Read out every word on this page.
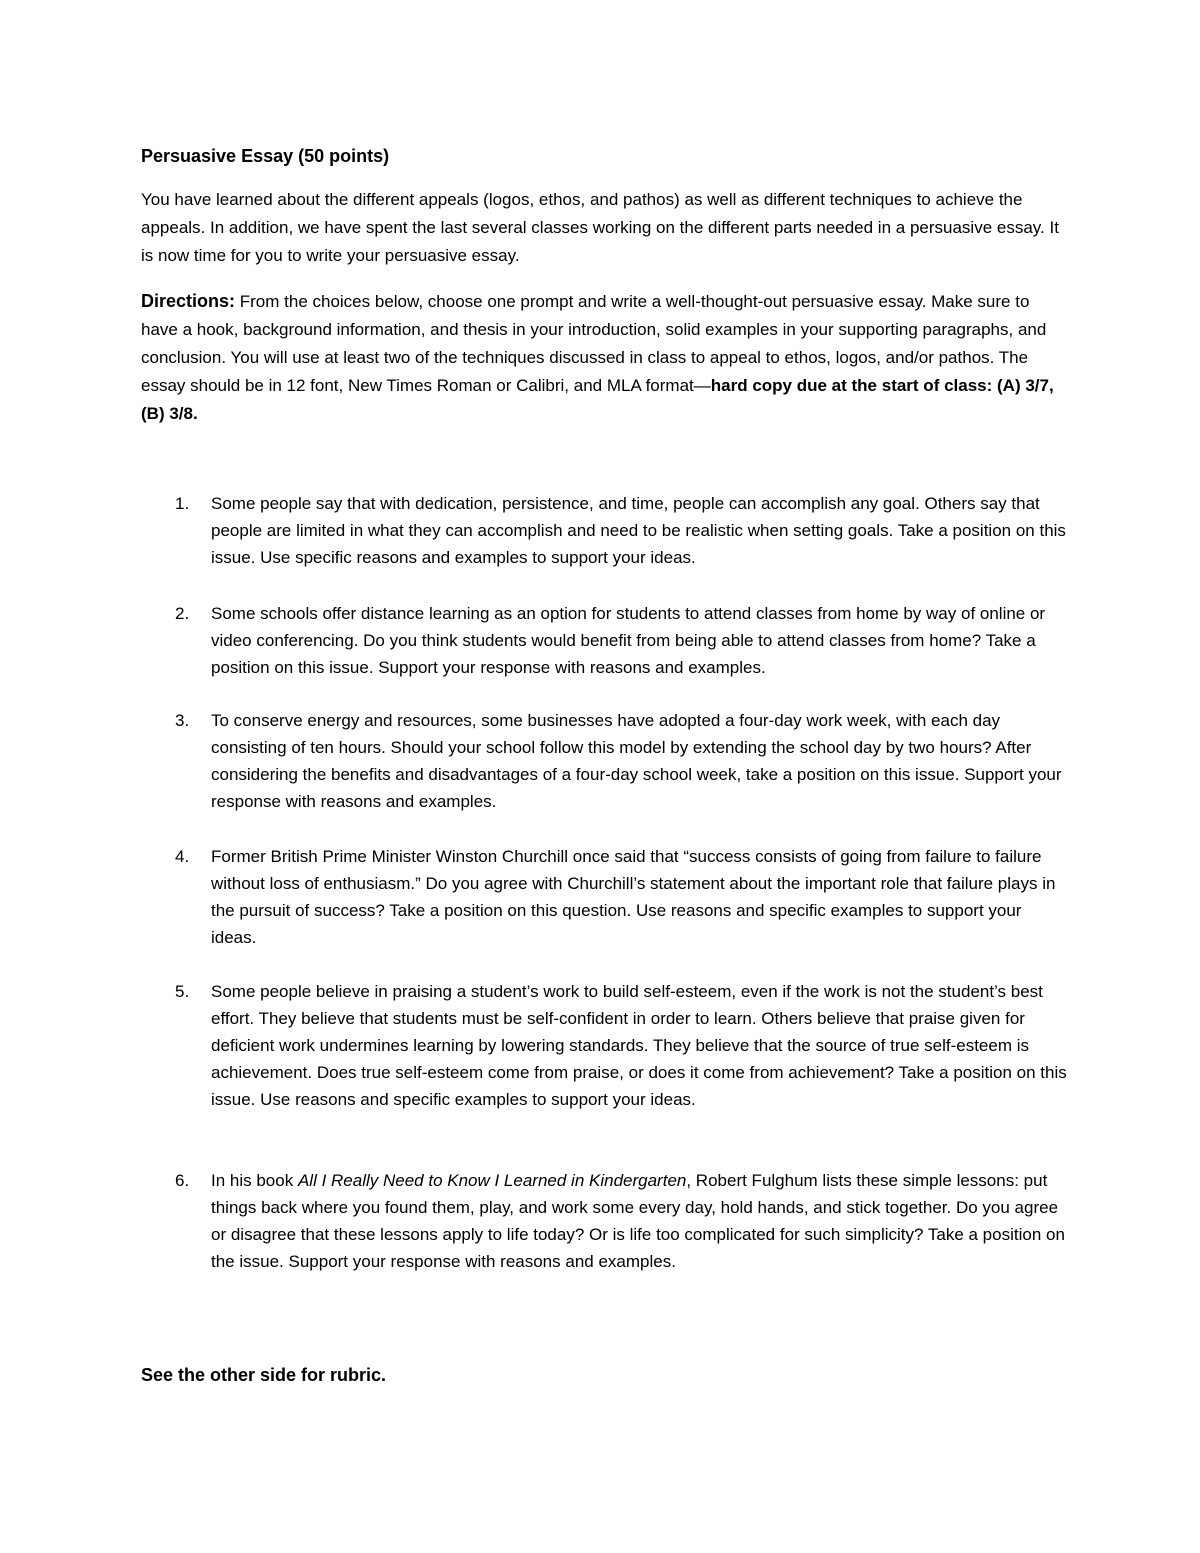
Persuasive Essay (50 points)

You have learned about the different appeals (logos, ethos, and pathos) as well as different techniques to achieve the appeals. In addition, we have spent the last several classes working on the different parts needed in a persuasive essay. It is now time for you to write your persuasive essay.

Directions: From the choices below, choose one prompt and write a well-thought-out persuasive essay. Make sure to have a hook, background information, and thesis in your introduction, solid examples in your supporting paragraphs, and conclusion. You will use at least two of the techniques discussed in class to appeal to ethos, logos, and/or pathos. The essay should be in 12 font, New Times Roman or Calibri, and MLA format—hard copy due at the start of class: (A) 3/7, (B) 3/8.

1.	Some people say that with dedication, persistence, and time, people can accomplish any goal. Others say that people are limited in what they can accomplish and need to be realistic when setting goals. Take a position on this issue. Use specific reasons and examples to support your ideas.
2.	Some schools offer distance learning as an option for students to attend classes from home by way of online or video conferencing. Do you think students would benefit from being able to attend classes from home? Take a position on this issue. Support your response with reasons and examples.
3.	To conserve energy and resources, some businesses have adopted a four-day work week, with each day consisting of ten hours. Should your school follow this model by extending the school day by two hours? After considering the benefits and disadvantages of a four-day school week, take a position on this issue. Support your response with reasons and examples.
4.	Former British Prime Minister Winston Churchill once said that “success consists of going from failure to failure without loss of enthusiasm.” Do you agree with Churchill’s statement about the important role that failure plays in the pursuit of success? Take a position on this question. Use reasons and specific examples to support your ideas.
5.	Some people believe in praising a student’s work to build self-esteem, even if the work is not the student’s best effort. They believe that students must be self-confident in order to learn. Others believe that praise given for deficient work undermines learning by lowering standards. They believe that the source of true self-esteem is achievement. Does true self-esteem come from praise, or does it come from achievement? Take a position on this issue. Use reasons and specific examples to support your ideas.
6.	In his book All I Really Need to Know I Learned in Kindergarten, Robert Fulghum lists these simple lessons: put things back where you found them, play, and work some every day, hold hands, and stick together. Do you agree or disagree that these lessons apply to life today? Or is life too complicated for such simplicity? Take a position on the issue. Support your response with reasons and examples.
See the other side for rubric.
